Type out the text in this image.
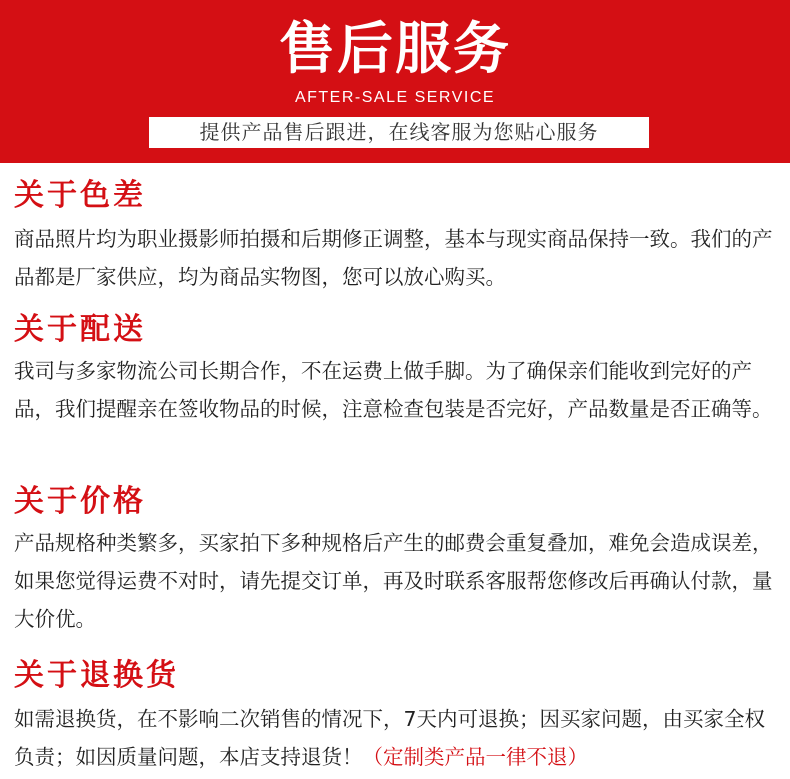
售后服务
AFTER-SALE SERVICE
提供产品售后跟进，在线客服为您贴心服务
关于色差
商品照片均为职业摄影师拍摄和后期修正调整，基本与现实商品保持一致。我们的产品都是厂家供应，均为商品实物图，您可以放心购买。
关于配送
我司与多家物流公司长期合作，不在运费上做手脚。为了确保亲们能收到完好的产品，我们提醒亲在签收物品的时候，注意检查包装是否完好，产品数量是否正确等。
关于价格
产品规格种类繁多，买家拍下多种规格后产生的邮费会重复叠加，难免会造成误差，如果您觉得运费不对时，请先提交订单，再及时联系客服帮您修改后再确认付款，量大价优。
关于退换货
如需退换货，在不影响二次销售的情况下，7天内可退换；因买家问题，由买家全权负责；如因质量问题，本店支持退货！（定制类产品一律不退）
